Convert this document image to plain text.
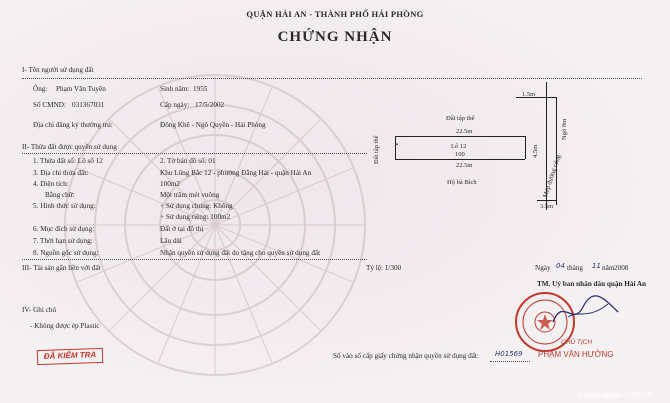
QUẬN HẢI AN - THÀNH PHỐ HẢI PHÒNG
CHỨNG NHẬN
I- Tên người sử dụng đất
Ông: Phạm Văn Tuyên	Sinh năm: 1955
Số CMND: 031367031	Cấp ngày: 17/5/2002
Địa chỉ đăng ký thường trú:	Đông Khê - Ngô Quyền - Hải Phòng
II- Thửa đất được quyền sử dụng
1. Thửa đất số: Lô số 12	2. Tờ bản đồ số: 01
3. Địa chỉ thửa đất:	Khu Lũng Bắc 12 - phường Đằng Hải - quận Hải An
4. Diện tích:	100m2
Bằng chữ:	Một trăm mét vuông
5. Hình thức sử dụng:	+ Sử dụng chung: Không
+ Sử dụng riêng: 100m2
6. Mục đích sử dụng:	Đất ở tại đô thị
7. Thời hạn sử dụng:	Lâu dài
8. Nguồn gốc sử dụng:	Nhận quyền sử dụng đất do tặng cho quyền sử dụng đất
III- Tài sản gắn liền với đất	Tỷ lệ: 1/300
IV- Ghi chú
- Không được ép Plastic
Đất tập thể
1.5m
Ngõ 8m
22.5m
Lô 12
100
22.5m
Đất tập thể	▪	4.5m
Mép đường cống
Hộ bà Bích
3.5m
Ngày 04 tháng 11 năm 2008
TM. Uỷ ban nhân dân quận Hải An
CHỦ TỊCH
PHẠM VĂN HƯỞNG
ĐÃ KIỂM TRA	Số vào sổ cấp giấy chứng nhận quyền sử dụng đất: H01569
batdongsan.com.vn
